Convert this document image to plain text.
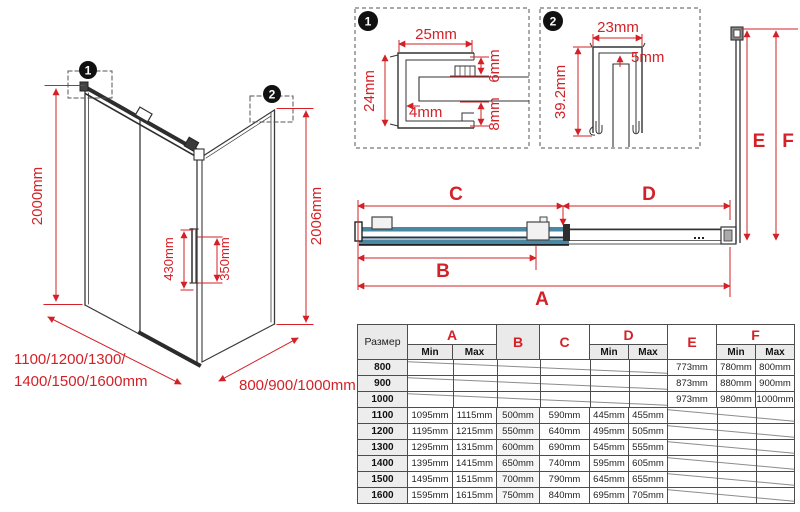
430mm	350mm
2000mm	2006mm
1100/1200/1300/
1400/1500/1600mm	800/900/1000mm
1
2
1
25mm
24mm
4mm
6mm
8mm
2	23mm
5mm
39.2mm
C	D
B
A
E F
Размер	A		B	C	D		E	F	
	Min	Max			Min	Max		Min	Max
800							773mm	780mm	800mm
900							873mm	880mm	900mm
1000							973mm	980mm	1000mm
1100	1095mm	1115mm	500mm	590mm	445mm	455mm	

1200	1195mm	1215mm	550mm	640mm	495mm	505mm	

1300	1295mm	1315mm	600mm	690mm	545mm	555mm	

1400	1395mm	1415mm	650mm	740mm	595mm	605mm	

1500	1495mm	1515mm	700mm	790mm	645mm	655mm	

1600	1595mm	1615mm	750mm	840mm	695mm	705mm	
